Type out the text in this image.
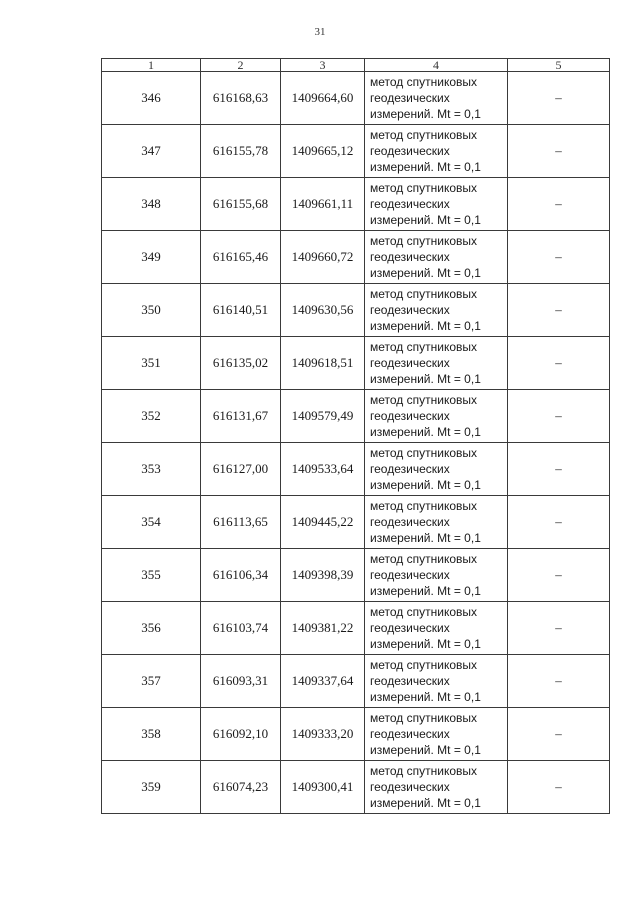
31
1	2	3	4	5
346	616168,63	1409664,60	метод спутниковых
геодезических
измерений. Mt = 0,1	–
347	616155,78	1409665,12	метод спутниковых
геодезических
измерений. Mt = 0,1	–
348	616155,68	1409661,11	метод спутниковых
геодезических
измерений. Mt = 0,1	–
349	616165,46	1409660,72	метод спутниковых
геодезических
измерений. Mt = 0,1	–
350	616140,51	1409630,56	метод спутниковых
геодезических
измерений. Mt = 0,1	–
351	616135,02	1409618,51	метод спутниковых
геодезических
измерений. Mt = 0,1	–
352	616131,67	1409579,49	метод спутниковых
геодезических
измерений. Mt = 0,1	–
353	616127,00	1409533,64	метод спутниковых
геодезических
измерений. Mt = 0,1	–
354	616113,65	1409445,22	метод спутниковых
геодезических
измерений. Mt = 0,1	–
355	616106,34	1409398,39	метод спутниковых
геодезических
измерений. Mt = 0,1	–
356	616103,74	1409381,22	метод спутниковых
геодезических
измерений. Mt = 0,1	–
357	616093,31	1409337,64	метод спутниковых
геодезических
измерений. Mt = 0,1	–
358	616092,10	1409333,20	метод спутниковых
геодезических
измерений. Mt = 0,1	–
359	616074,23	1409300,41	метод спутниковых
геодезических
измерений. Mt = 0,1	–
